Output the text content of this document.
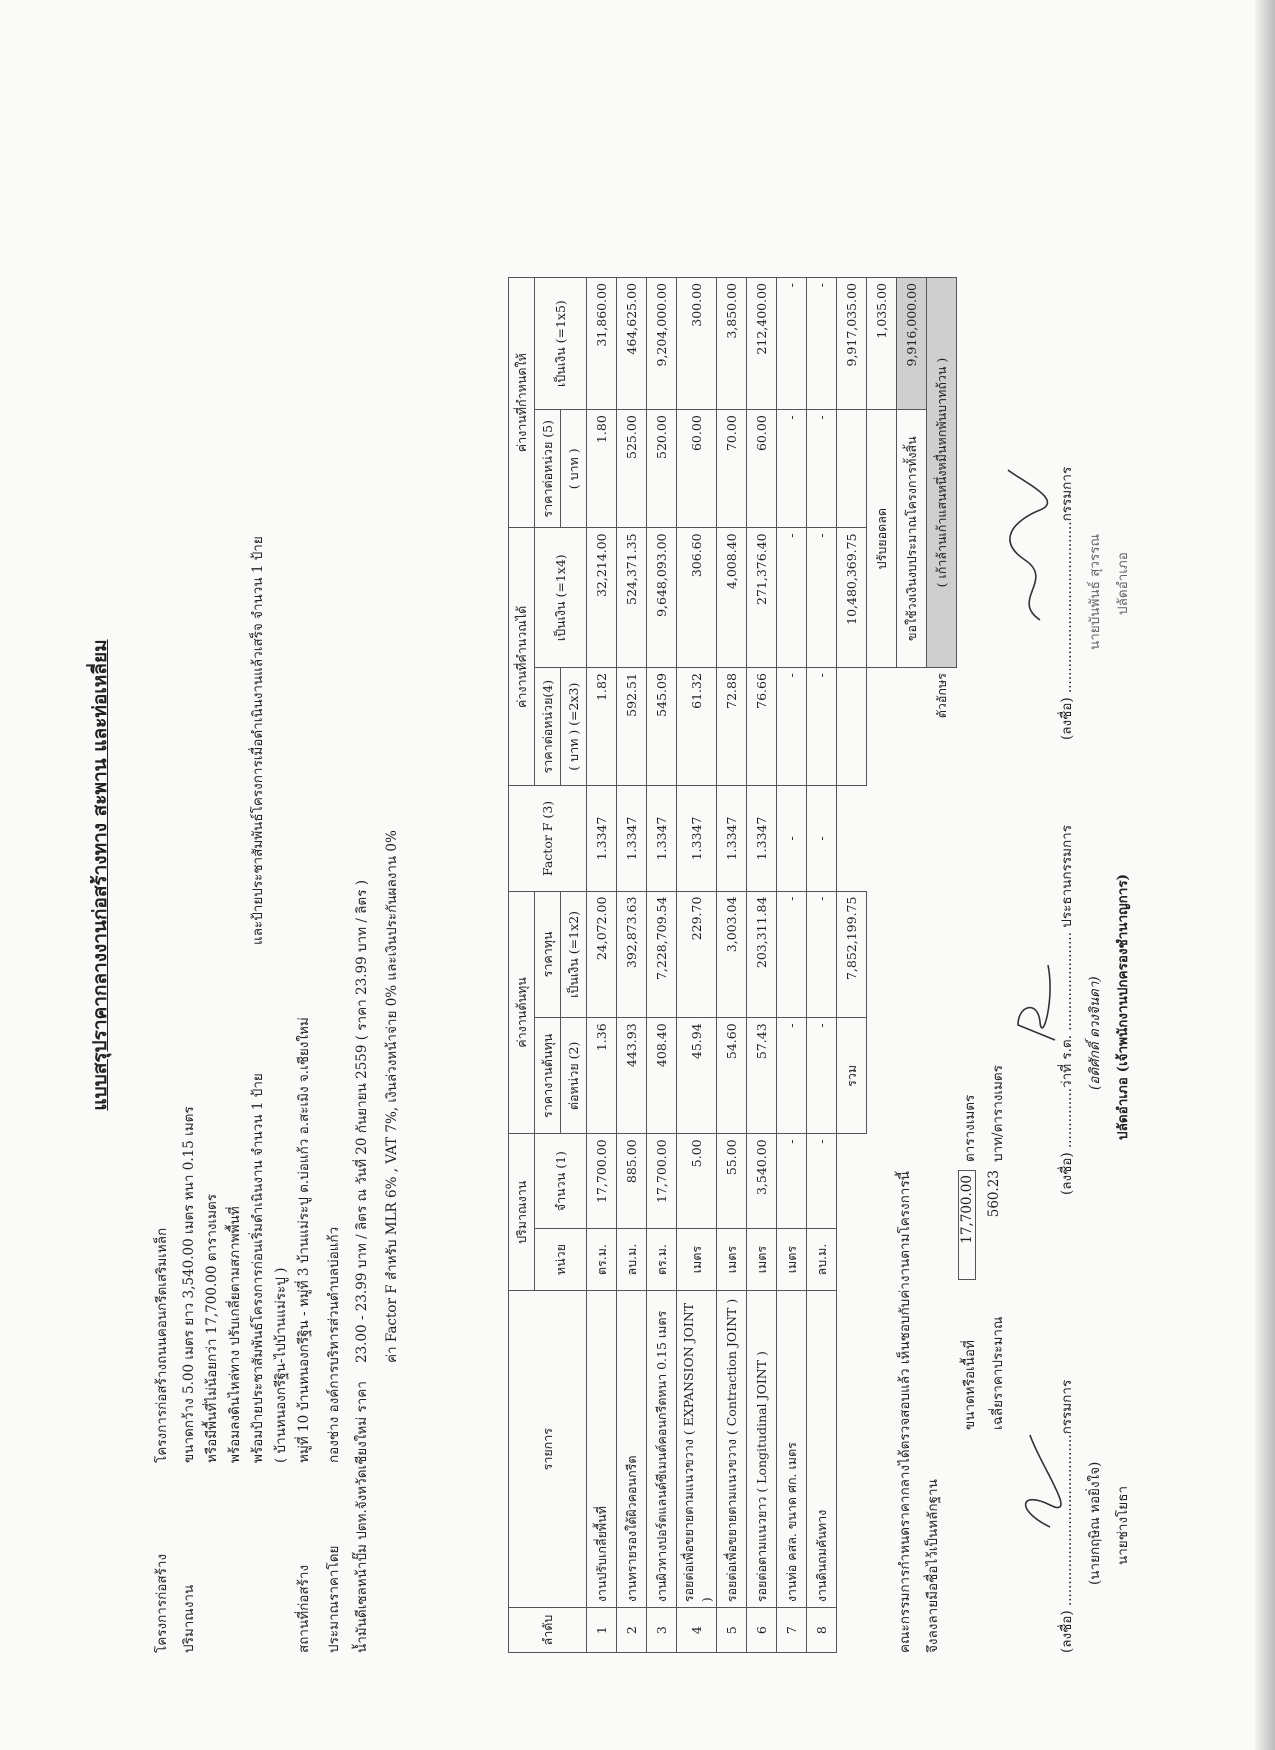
แบบสรุปราคากลางงานก่อสร้างทาง สะพาน และท่อเหลี่ยม
โครงการก่อสร้าง
โครงการก่อสร้างถนนคอนกรีตเสริมเหล็ก
ปริมาณงาน
ขนาดกว้าง 5.00 เมตร ยาว 3,540.00 เมตร หนา 0.15 เมตร หรือมีพื้นที่ไม่น้อยกว่า 17,700.00 ตารางเมตร พร้อมลงดินไหล่ทาง ปรับเกลี่ยตามสภาพพื้นที่ พร้อมป้ายประชาสัมพันธ์โครงการก่อนเริ่มดำเนินงาน จำนวน 1 ป้าย
และป้ายประชาสัมพันธ์โครงการเมื่อดำเนินงานแล้วเสร็จ จำนวน 1 ป้าย
( บ้านหนองกรีฐิน-ไปบ้านแม่ระปู )
สถานที่ก่อสร้าง
หมู่ที่ 10 บ้านหนองกรีฐิน - หมู่ที่ 3 บ้านแม่ระปู ต.บ่อแก้ว อ.สะเมิง จ.เชียงใหม่
ประมาณราคาโดย
กองช่าง องค์การบริหารส่วนตำบลบ่อแก้ว
น้ำมันดีเซลหน้าปั๊ม ปตท.จังหวัดเชียงใหม่ ราคา
23.00 - 23.99 บาท / ลิตร ณ วันที่ 20 กันยายน 2559 ( ราคา 23.99 บาท / ลิตร ) ค่า Factor F สำหรับ MLR 6% , VAT 7%, เงินล่วงหน้าจ่าย 0% และเงินประกันผลงาน 0%
ลำดับ	รายการ	ปริมาณงาน		ค่างานต้นทุน		Factor F (3)	ค่างานที่คำนวณได้		ค่างานที่กำหนดให้	
		หน่วย	จำนวน (1)	ราคางานต้นทุน	ราคาทุน		ราคาต่อหน่วย(4)	เป็นเงิน (=1x4)	ราคาต่อหน่วย (5)	เป็นเงิน (=1x5)
				ต่อหน่วย (2)	เป็นเงิน (=1x2)		( บาท ) (=2x3)		( บาท )	
1	งานปรับเกลี่ยพื้นที่	ตร.ม.	17,700.00	1.36	24,072.00	1.3347	1.82	32,214.00	1.80	31,860.00
2	งานทรายรองใต้ผิวคอนกรีต	ลบ.ม.	885.00	443.93	392,873.63	1.3347	592.51	524,371.35	525.00	464,625.00
3	งานผิวทางปอร์ตแลนด์ซีเมนต์คอนกรีตหนา 0.15 เมตร	ตร.ม.	17,700.00	408.40	7,228,709.54	1.3347	545.09	9,648,093.00	520.00	9,204,000.00
4	รอยต่อเพื่อขยายตามแนวขวาง ( EXPANSION JOINT )	เมตร	5.00	45.94	229.70	1.3347	61.32	306.60	60.00	300.00
5	รอยต่อเพื่อขยายตามแนวขวาง ( Contraction JOINT )	เมตร	55.00	54.60	3,003.04	1.3347	72.88	4,008.40	70.00	3,850.00
6	รอยต่อตามแนวยาว ( Longitudinal JOINT )	เมตร	3,540.00	57.43	203,311.84	1.3347	76.66	271,376.40	60.00	212,400.00
7	งานท่อ คสล. ขนาด ศก. เมตร	เมตร	-	-	-	-	-	-	-	-
8	งานดินถมคันทาง	ลบ.ม.	-	-	-	-	-	-	-	-
				รวม	7,852,199.75			10,480,369.75		9,917,035.00
								ปรับยอดลด		1,035.00
								ขอใช้วงเงินงบประมาณโครงการทั้งสิ้น		9,916,000.00
							ตัวอักษร	( เก้าล้านเก้าแสนหนึ่งหมื่นหกพันบาทถ้วน )		
คณะกรรมการกำหนดราคากลางได้ตรวจสอบแล้ว เห็นชอบกับค่างานตามโครงการนี้ จึงลงลายมือชื่อไว้เป็นหลักฐาน
ขนาดหรือเนื้อที่
17,700.00
ตารางเมตร
เฉลี่ยราคาประมาณ
560.23
บาท/ตารางเมตร
(ลงชื่อ) ........................................กรรมการ (นายกฤษิณ หอยิ่งใจ) นายช่างโยธา
(ลงชื่อ) ..............ว่าที่ ร.ต. ....................... ประธานกรรมการ (อดิศักดิ์ ดวงจินดา) ปลัดอำเภอ (เจ้าพนักงานปกครองชำนาญการ)
(ลงชื่อ) ........................................กรรมการ นายบันพันธ์ สุวรรณ ปลัดอำเภอ
